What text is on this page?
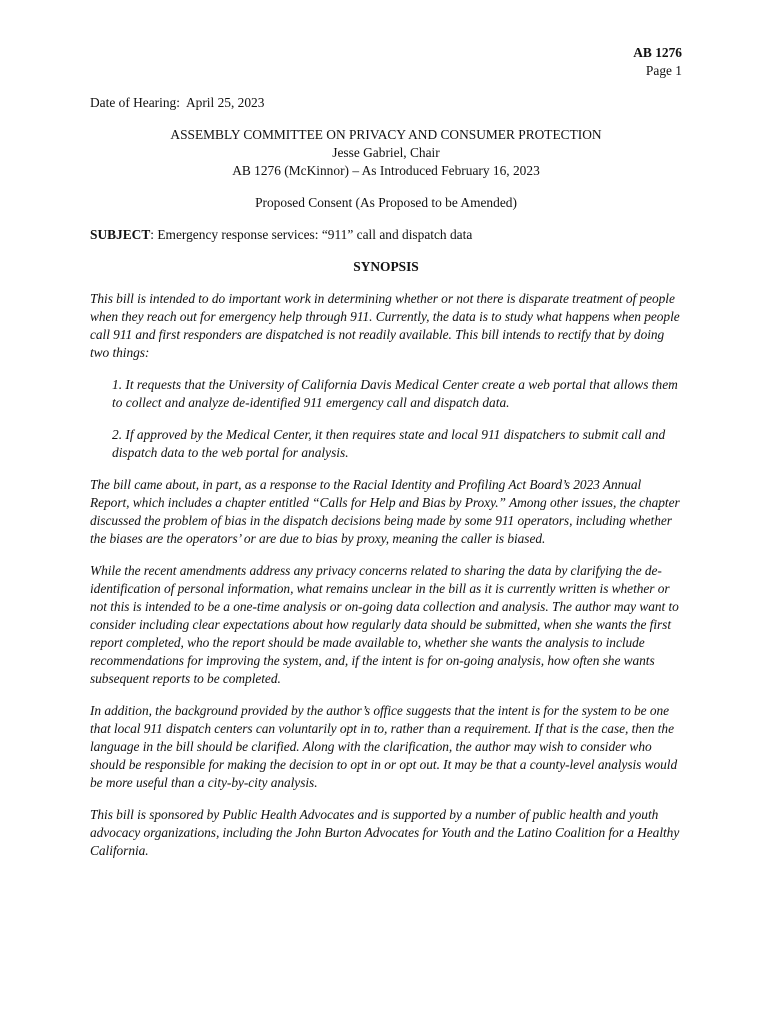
AB 1276
Page 1
Date of Hearing: April 25, 2023
ASSEMBLY COMMITTEE ON PRIVACY AND CONSUMER PROTECTION
Jesse Gabriel, Chair
AB 1276 (McKinnor) – As Introduced February 16, 2023
Proposed Consent (As Proposed to be Amended)
SUBJECT: Emergency response services: “911” call and dispatch data
SYNOPSIS
This bill is intended to do important work in determining whether or not there is disparate treatment of people when they reach out for emergency help through 911. Currently, the data is to study what happens when people call 911 and first responders are dispatched is not readily available. This bill intends to rectify that by doing two things:
1. It requests that the University of California Davis Medical Center create a web portal that allows them to collect and analyze de-identified 911 emergency call and dispatch data.
2. If approved by the Medical Center, it then requires state and local 911 dispatchers to submit call and dispatch data to the web portal for analysis.
The bill came about, in part, as a response to the Racial Identity and Profiling Act Board’s 2023 Annual Report, which includes a chapter entitled “Calls for Help and Bias by Proxy.” Among other issues, the chapter discussed the problem of bias in the dispatch decisions being made by some 911 operators, including whether the biases are the operators’ or are due to bias by proxy, meaning the caller is biased.
While the recent amendments address any privacy concerns related to sharing the data by clarifying the de-identification of personal information, what remains unclear in the bill as it is currently written is whether or not this is intended to be a one-time analysis or on-going data collection and analysis. The author may want to consider including clear expectations about how regularly data should be submitted, when she wants the first report completed, who the report should be made available to, whether she wants the analysis to include recommendations for improving the system, and, if the intent is for on-going analysis, how often she wants subsequent reports to be completed.
In addition, the background provided by the author’s office suggests that the intent is for the system to be one that local 911 dispatch centers can voluntarily opt in to, rather than a requirement. If that is the case, then the language in the bill should be clarified. Along with the clarification, the author may wish to consider who should be responsible for making the decision to opt in or opt out. It may be that a county-level analysis would be more useful than a city-by-city analysis.
This bill is sponsored by Public Health Advocates and is supported by a number of public health and youth advocacy organizations, including the John Burton Advocates for Youth and the Latino Coalition for a Healthy California.
